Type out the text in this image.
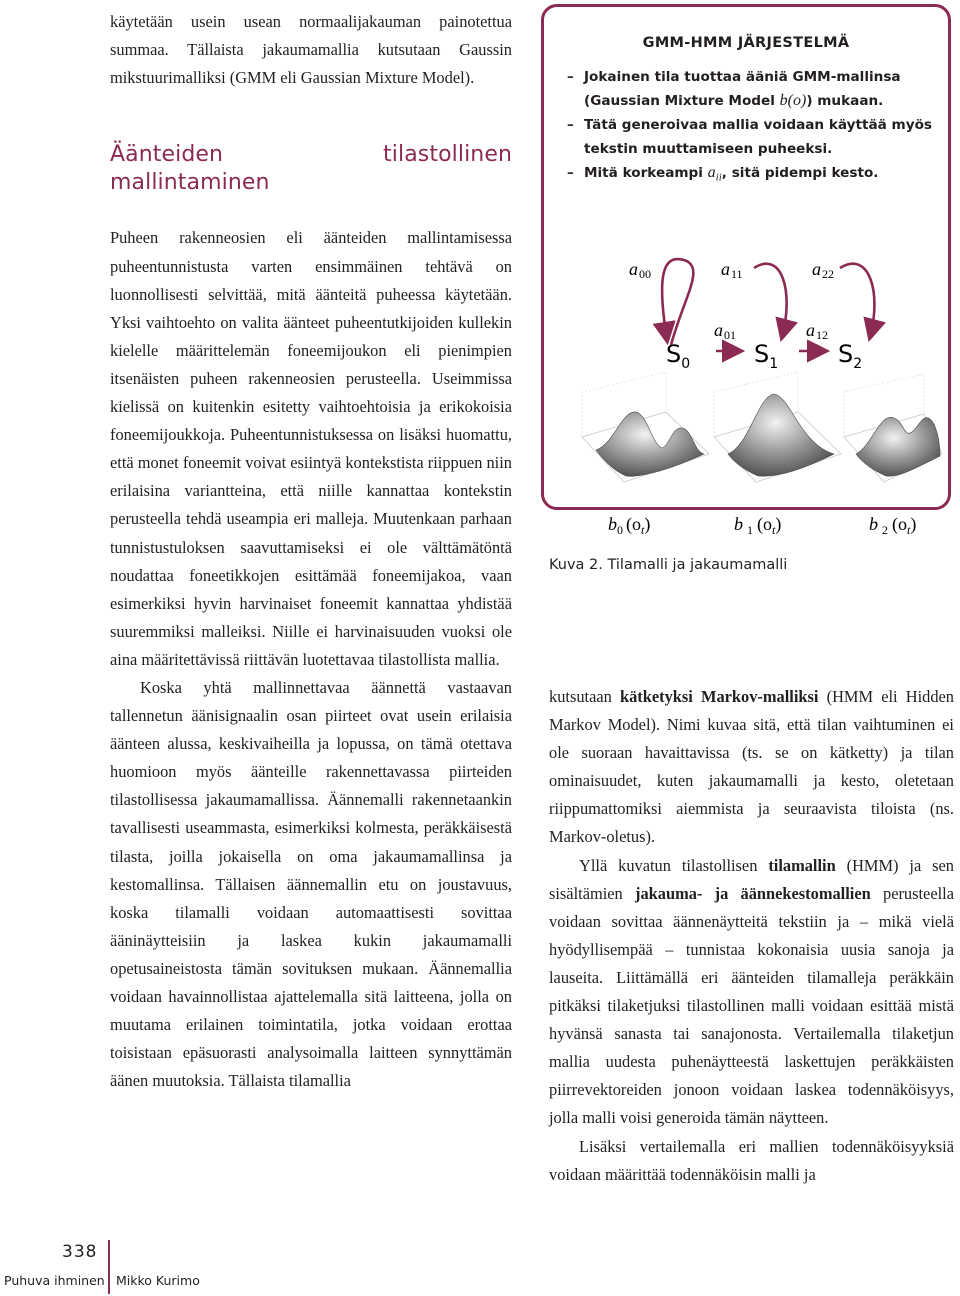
käytetään usein usean normaalijakauman painotettua summaa. Tällaista jakaumamallia kutsutaan Gaussin mikstuurimalliksi (GMM eli Gaussian Mixture Model).

Äänteiden tilastollinen mallintaminen

Puheen rakenneosien eli äänteiden mallintamisessa puheentunnistusta varten ensimmäinen tehtävä on luonnollisesti selvittää, mitä äänteitä puheessa käytetään. Yksi vaihtoehto on valita äänteet puheentutkijoiden kullekin kielelle määrittelemän foneemijoukon eli pienimpien itsenäisten puheen rakenneosien perusteella. Useimmissa kielissä on kuitenkin esitetty vaihtoehtoisia ja erikokoisia foneemijoukkoja. Puheentunnistuksessa on lisäksi huomattu, että monet foneemit voivat esiintyä kontekstista riippuen niin erilaisina variantteina, että niille kannattaa kontekstin perusteella tehdä useampia eri malleja. Muutenkaan parhaan tunnistustuloksen saavuttamiseksi ei ole välttämätöntä noudattaa foneetikkojen esittämää foneemijakoa, vaan esimerkiksi hyvin harvinaiset foneemit kannattaa yhdistää suuremmiksi malleiksi. Niille ei harvinaisuuden vuoksi ole aina määritettävissä riittävän luotettavaa tilastollista mallia.

Koska yhtä mallinnettavaa äännettä vastaavan tallennetun äänisignaalin osan piirteet ovat usein erilaisia äänteen alussa, keskivaiheilla ja lopussa, on tämä otettava huomioon myös äänteille rakennettavassa piirteiden tilastollisessa jakaumamallissa. Äännemalli rakennetaankin tavallisesti useammasta, esimerkiksi kolmesta, peräkkäisestä tilasta, joilla jokaisella on oma jakaumamallinsa ja kestomallinsa. Tällaisen äännemallin etu on joustavuus, koska tilamalli voidaan automaattisesti sovittaa ääninäytteisiin ja laskea kukin jakaumamalli opetusaineistosta tämän sovituksen mukaan. Äännemallia voidaan havainnollistaa ajattelemalla sitä laitteena, jolla on muutama erilainen toimintatila, jotka voidaan erottaa toisistaan epäsuorasti analysoimalla laitteen synnyttämän äänen muutoksia. Tällaista tilamallia

GMM-HMM JÄRJESTELMÄ
– Jokainen tila tuottaa ääniä GMM-mallinsa (Gaussian Mixture Model b(o)) mukaan.
– Tätä generoivaa mallia voidaan käyttää myös tekstin muuttamiseen puheeksi.
– Mitä korkeampi $a_{ii}$, sitä pidempi kesto.
a00	a11	a22
a01	a12
$S_0$	$S_1$ $S_2$
$b_0$ $(o_t)$	b $_1$ $(o_t)$	b $_2$ $(o_t)$
Kuva 2. Tilamalli ja jakaumamalli

kutsutaan kätketyksi Markov-malliksi (HMM eli Hidden Markov Model). Nimi kuvaa sitä, että tilan vaihtuminen ei ole suoraan havaittavissa (ts. se on kätketty) ja tilan ominaisuudet, kuten jakaumamalli ja kesto, oletetaan riippumattomiksi aiemmista ja seuraavista tiloista (ns. Markov-oletus).

Yllä kuvatun tilastollisen tilamallin (HMM) ja sen sisältämien jakauma- ja äännekestomallien perusteella voidaan sovittaa äännenäytteitä tekstiin ja – mikä vielä hyödyllisempää – tunnistaa kokonaisia uusia sanoja ja lauseita. Liittämällä eri äänteiden tilamalleja peräkkäin pitkäksi tilaketjuksi tilastollinen malli voidaan esittää mistä hyvänsä sanasta tai sanajonosta. Vertailemalla tilaketjun mallia uudesta puhenäytteestä laskettujen peräkkäisten piirrevektoreiden jonoon voidaan laskea todennäköisyys, jolla malli voisi generoida tämän näytteen.

Lisäksi vertailemalla eri mallien todennäköisyyksiä voidaan määrittää todennäköisin malli ja

338
Puhuva ihminen Mikko Kurimo
